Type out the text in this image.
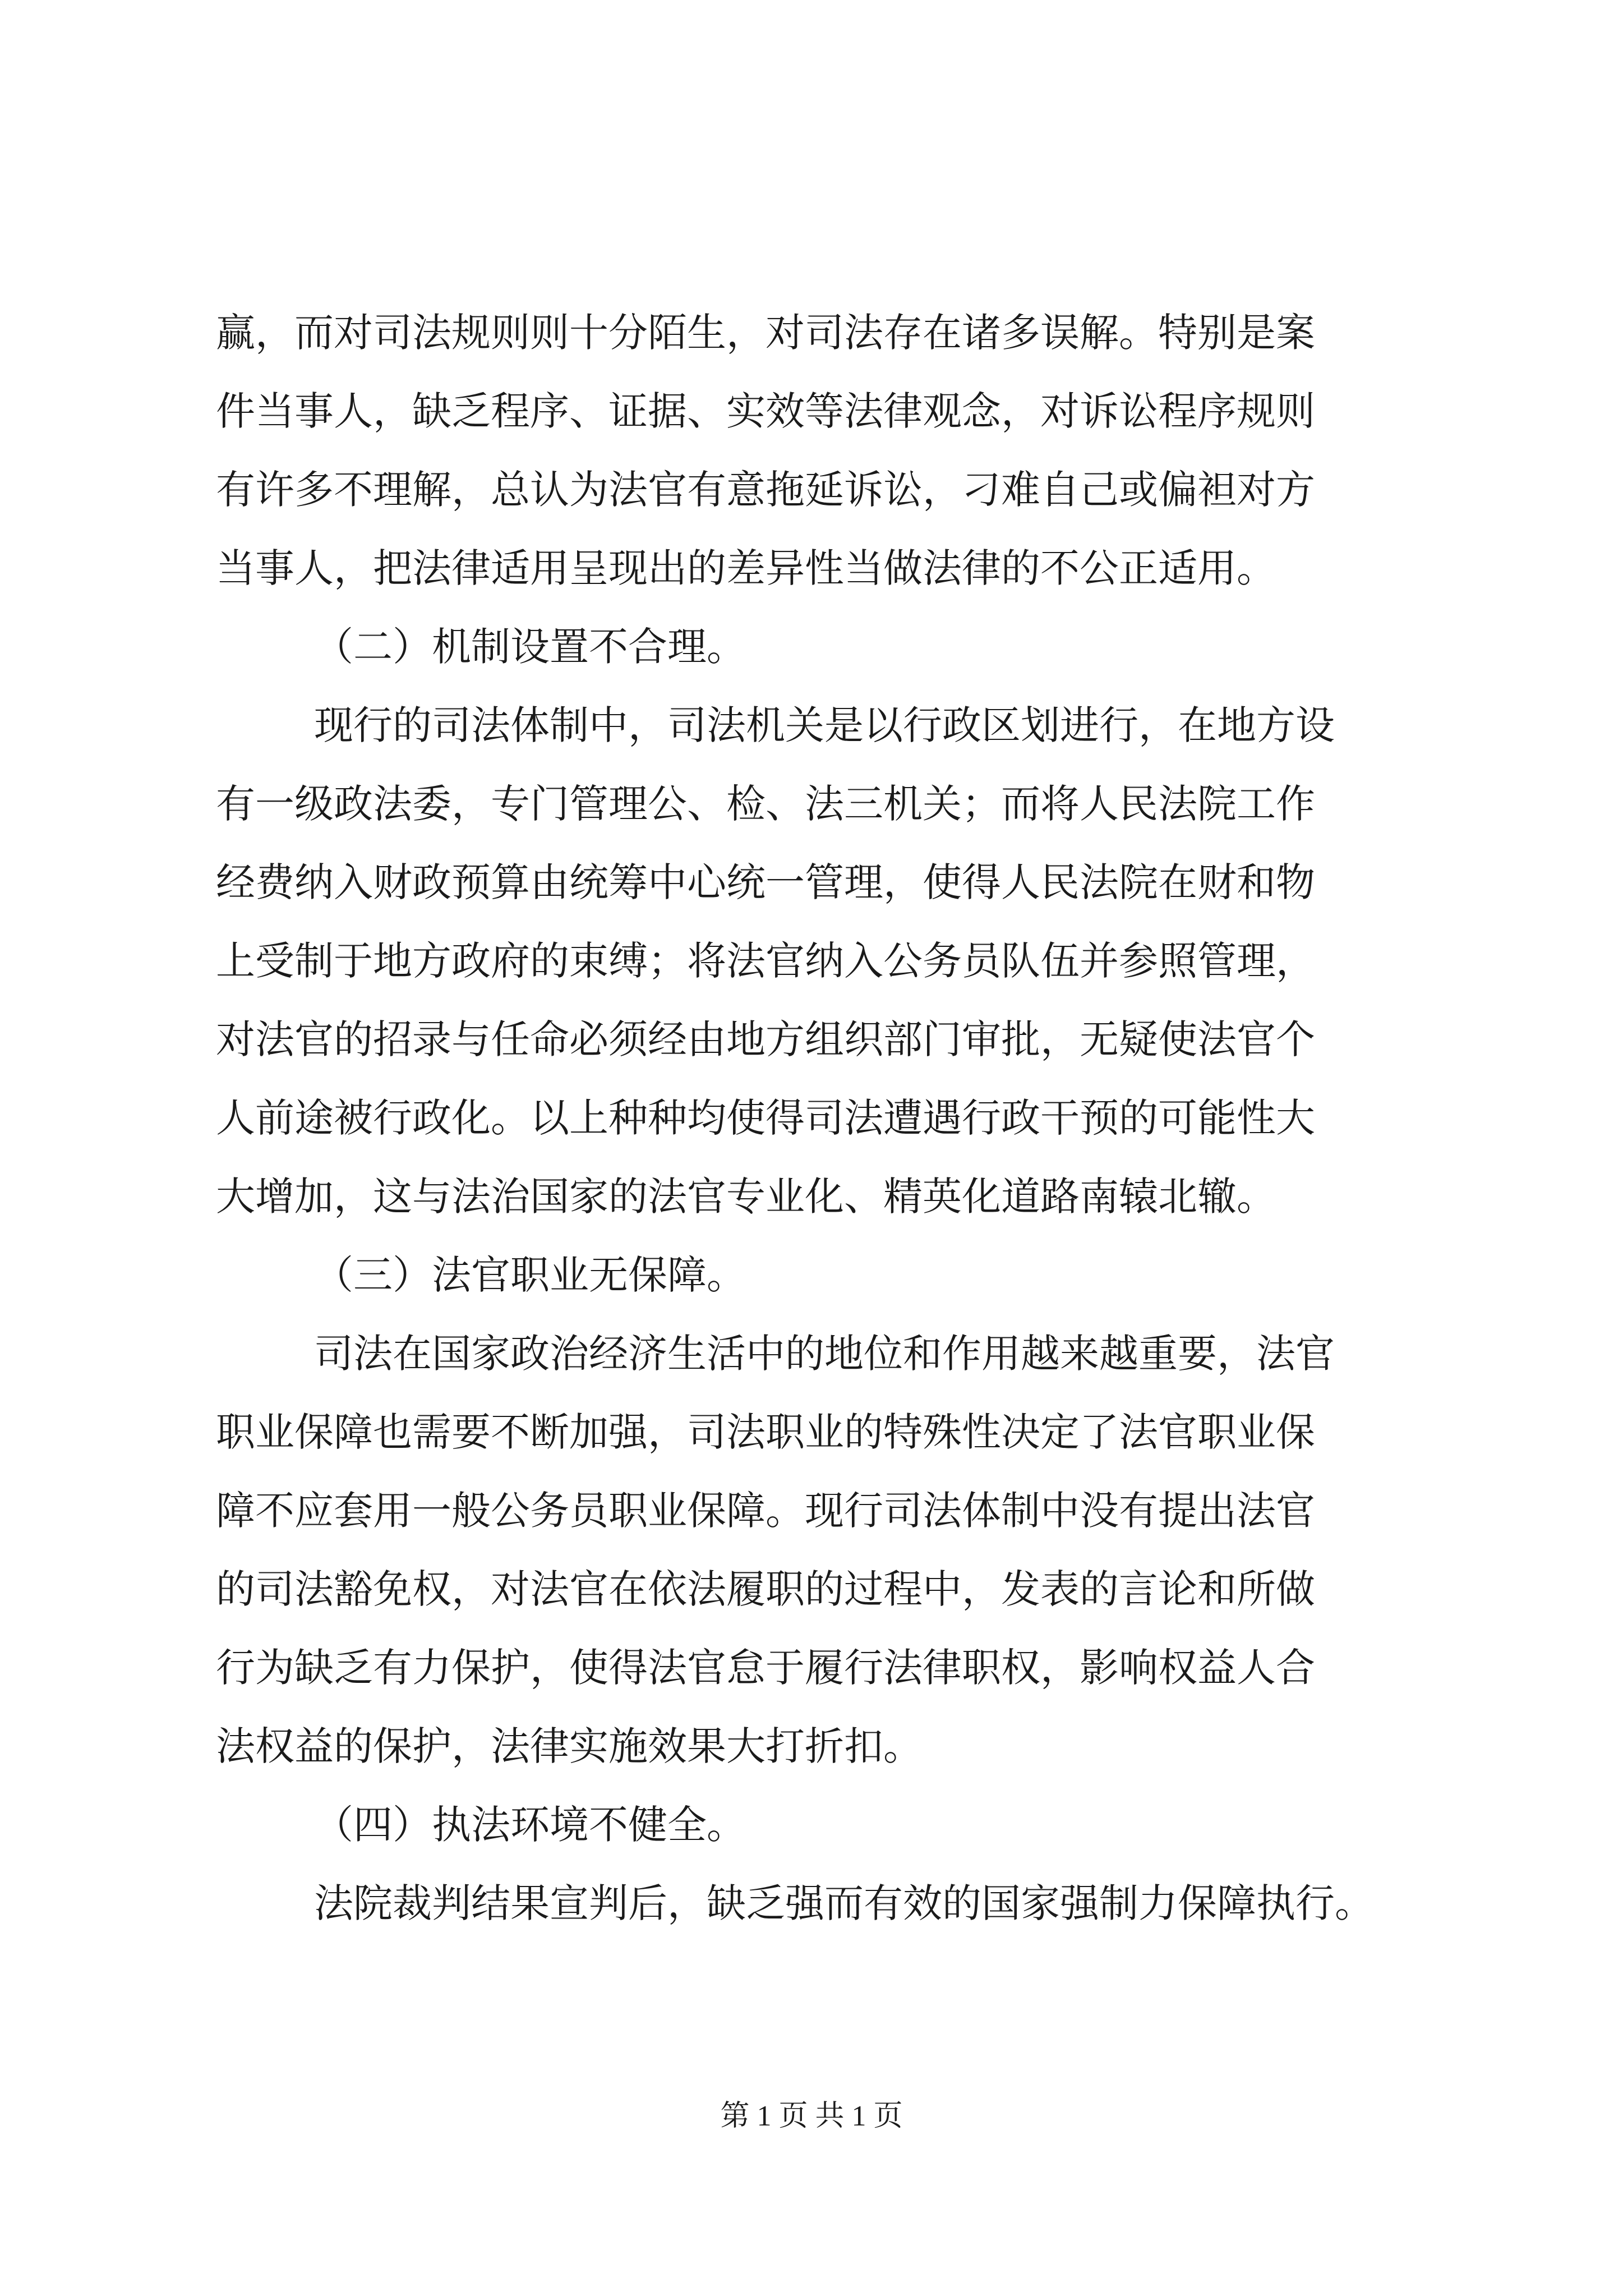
赢，而对司法规则则十分陌生，对司法存在诸多误解。特别是案

件当事人，缺乏程序、证据、实效等法律观念，对诉讼程序规则

有许多不理解，总认为法官有意拖延诉讼，刁难自己或偏袒对方

当事人，把法律适用呈现出的差异性当做法律的不公正适用。

（二）机制设置不合理。

现行的司法体制中，司法机关是以行政区划进行，在地方设

有一级政法委，专门管理公、检、法三机关；而将人民法院工作

经费纳入财政预算由统筹中心统一管理，使得人民法院在财和物

上受制于地方政府的束缚；将法官纳入公务员队伍并参照管理，

对法官的招录与任命必须经由地方组织部门审批，无疑使法官个

人前途被行政化。以上种种均使得司法遭遇行政干预的可能性大

大增加，这与法治国家的法官专业化、精英化道路南辕北辙。

（三）法官职业无保障。

司法在国家政治经济生活中的地位和作用越来越重要，法官

职业保障也需要不断加强，司法职业的特殊性决定了法官职业保

障不应套用一般公务员职业保障。现行司法体制中没有提出法官

的司法豁免权，对法官在依法履职的过程中，发表的言论和所做

行为缺乏有力保护，使得法官怠于履行法律职权，影响权益人合

法权益的保护，法律实施效果大打折扣。

（四）执法环境不健全。

法院裁判结果宣判后，缺乏强而有效的国家强制力保障执行。

第 1 页 共 1 页
